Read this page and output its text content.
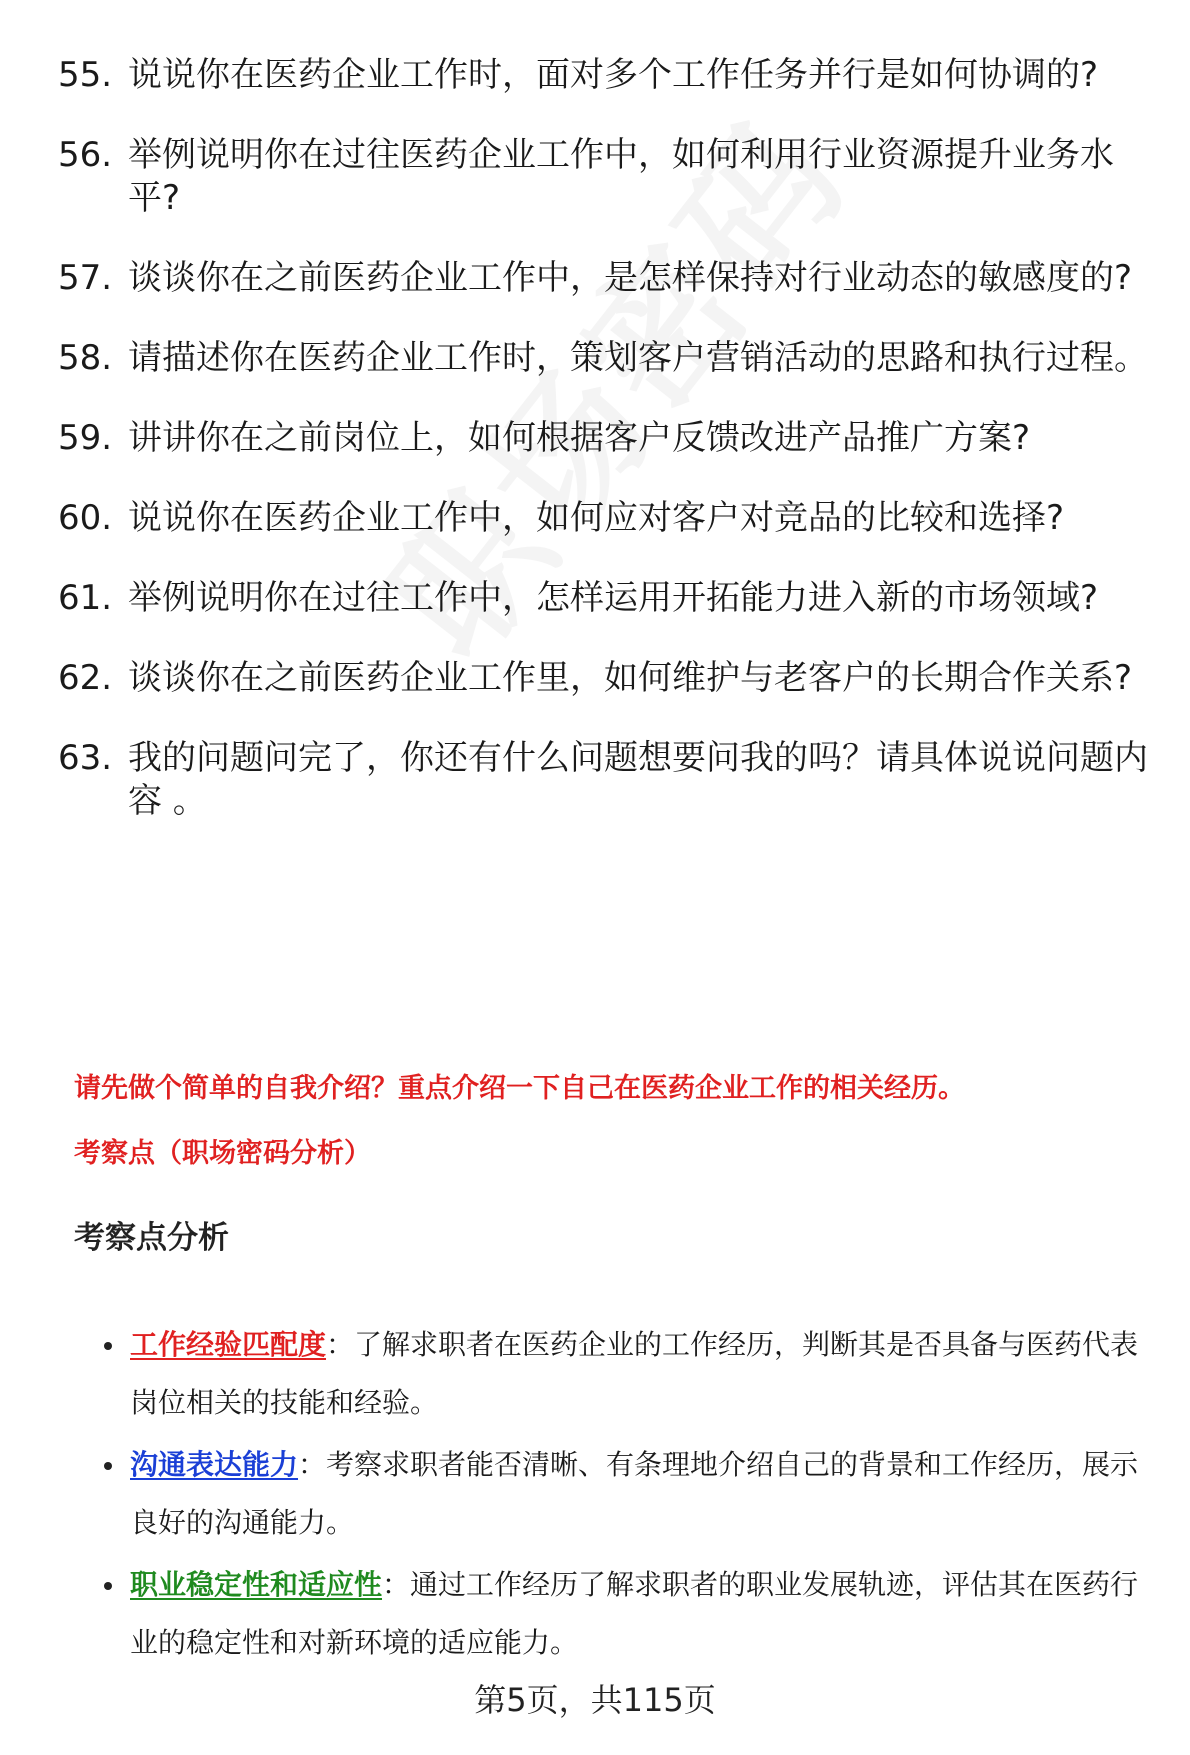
55. 说说你在医药企业工作时，面对多个工作任务并行是如何协调的?
56. 举例说明你在过往医药企业工作中，如何利用行业资源提升业务水平?
57. 谈谈你在之前医药企业工作中，是怎样保持对行业动态的敏感度的?
58. 请描述你在医药企业工作时，策划客户营销活动的思路和执行过程。
59. 讲讲你在之前岗位上，如何根据客户反馈改进产品推广方案?
60. 说说你在医药企业工作中，如何应对客户对竞品的比较和选择?
61. 举例说明你在过往工作中，怎样运用开拓能力进入新的市场领域?
62. 谈谈你在之前医药企业工作里，如何维护与老客户的长期合作关系?
63. 我的问题问完了，你还有什么问题想要问我的吗？请具体说说问题内容 。
请先做个简单的自我介绍？重点介绍一下自己在医药企业工作的相关经历。
考察点（职场密码分析）
考察点分析
工作经验匹配度：了解求职者在医药企业的工作经历，判断其是否具备与医药代表岗位相关的技能和经验。
沟通表达能力：考察求职者能否清晰、有条理地介绍自己的背景和工作经历，展示良好的沟通能力。
职业稳定性和适应性：通过工作经历了解求职者的职业发展轨迹，评估其在医药行业的稳定性和对新环境的适应能力。
第5页，共115页
